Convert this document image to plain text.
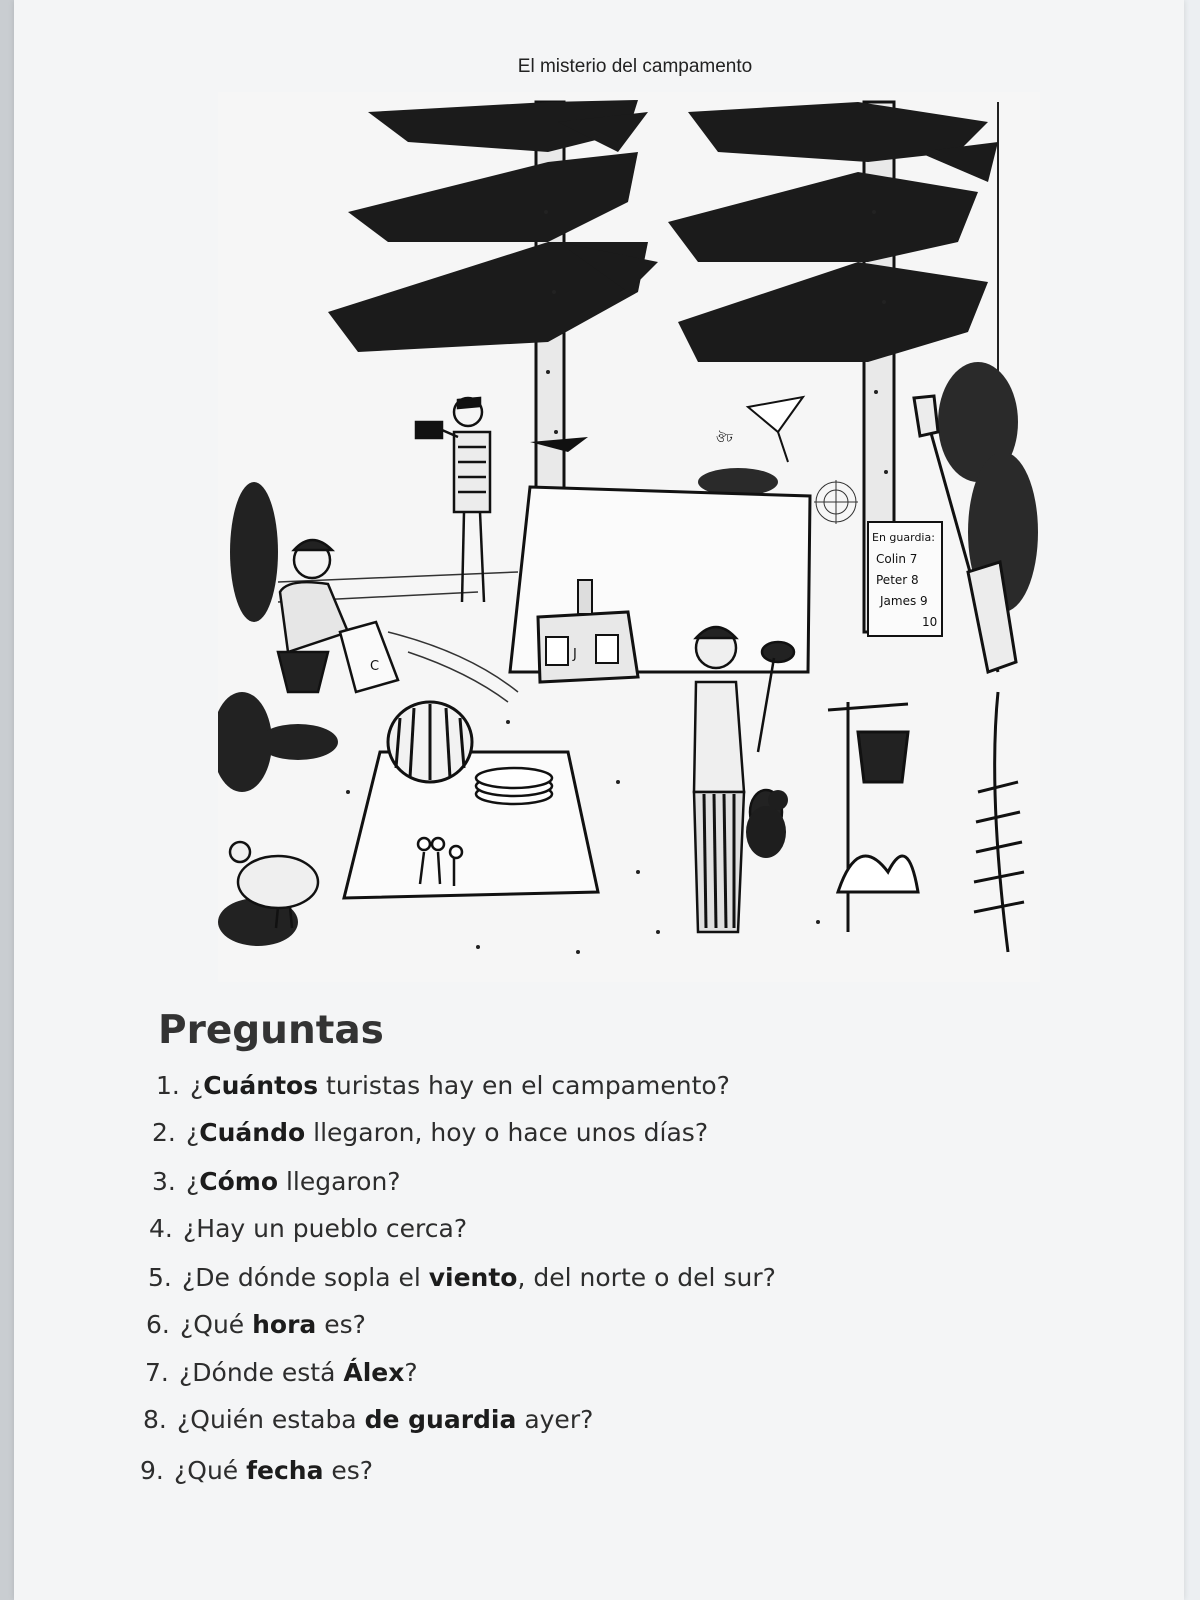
El misterio del campamento
J
C
ঔঢ
En guardia:
Colin 7
Peter 8
James 9
10
Preguntas
1. ¿Cuántos turistas hay en el campamento?
2. ¿Cuándo llegaron, hoy o hace unos días?
3. ¿Cómo llegaron?
4. ¿Hay un pueblo cerca?
5. ¿De dónde sopla el viento, del norte o del sur?
6. ¿Qué hora es?
7. ¿Dónde está Álex?
8. ¿Quién estaba de guardia ayer?
9. ¿Qué fecha es?
